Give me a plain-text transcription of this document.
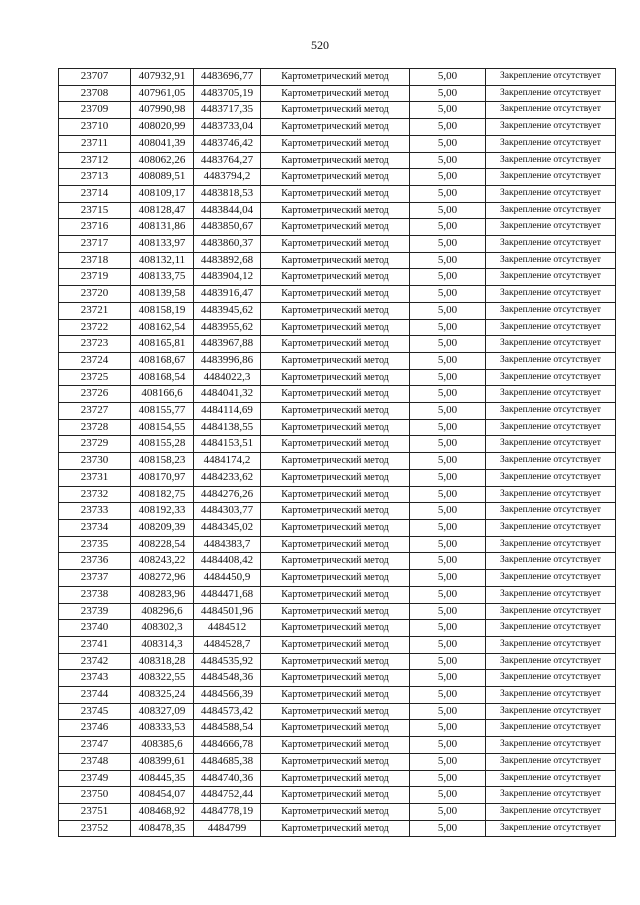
520
23707	407932,91	4483696,77	Картометрический метод	5,00	Закрепление отсутствует
23708	407961,05	4483705,19	Картометрический метод	5,00	Закрепление отсутствует
23709	407990,98	4483717,35	Картометрический метод	5,00	Закрепление отсутствует
23710	408020,99	4483733,04	Картометрический метод	5,00	Закрепление отсутствует
23711	408041,39	4483746,42	Картометрический метод	5,00	Закрепление отсутствует
23712	408062,26	4483764,27	Картометрический метод	5,00	Закрепление отсутствует
23713	408089,51	4483794,2	Картометрический метод	5,00	Закрепление отсутствует
23714	408109,17	4483818,53	Картометрический метод	5,00	Закрепление отсутствует
23715	408128,47	4483844,04	Картометрический метод	5,00	Закрепление отсутствует
23716	408131,86	4483850,67	Картометрический метод	5,00	Закрепление отсутствует
23717	408133,97	4483860,37	Картометрический метод	5,00	Закрепление отсутствует
23718	408132,11	4483892,68	Картометрический метод	5,00	Закрепление отсутствует
23719	408133,75	4483904,12	Картометрический метод	5,00	Закрепление отсутствует
23720	408139,58	4483916,47	Картометрический метод	5,00	Закрепление отсутствует
23721	408158,19	4483945,62	Картометрический метод	5,00	Закрепление отсутствует
23722	408162,54	4483955,62	Картометрический метод	5,00	Закрепление отсутствует
23723	408165,81	4483967,88	Картометрический метод	5,00	Закрепление отсутствует
23724	408168,67	4483996,86	Картометрический метод	5,00	Закрепление отсутствует
23725	408168,54	4484022,3	Картометрический метод	5,00	Закрепление отсутствует
23726	408166,6	4484041,32	Картометрический метод	5,00	Закрепление отсутствует
23727	408155,77	4484114,69	Картометрический метод	5,00	Закрепление отсутствует
23728	408154,55	4484138,55	Картометрический метод	5,00	Закрепление отсутствует
23729	408155,28	4484153,51	Картометрический метод	5,00	Закрепление отсутствует
23730	408158,23	4484174,2	Картометрический метод	5,00	Закрепление отсутствует
23731	408170,97	4484233,62	Картометрический метод	5,00	Закрепление отсутствует
23732	408182,75	4484276,26	Картометрический метод	5,00	Закрепление отсутствует
23733	408192,33	4484303,77	Картометрический метод	5,00	Закрепление отсутствует
23734	408209,39	4484345,02	Картометрический метод	5,00	Закрепление отсутствует
23735	408228,54	4484383,7	Картометрический метод	5,00	Закрепление отсутствует
23736	408243,22	4484408,42	Картометрический метод	5,00	Закрепление отсутствует
23737	408272,96	4484450,9	Картометрический метод	5,00	Закрепление отсутствует
23738	408283,96	4484471,68	Картометрический метод	5,00	Закрепление отсутствует
23739	408296,6	4484501,96	Картометрический метод	5,00	Закрепление отсутствует
23740	408302,3	4484512	Картометрический метод	5,00	Закрепление отсутствует
23741	408314,3	4484528,7	Картометрический метод	5,00	Закрепление отсутствует
23742	408318,28	4484535,92	Картометрический метод	5,00	Закрепление отсутствует
23743	408322,55	4484548,36	Картометрический метод	5,00	Закрепление отсутствует
23744	408325,24	4484566,39	Картометрический метод	5,00	Закрепление отсутствует
23745	408327,09	4484573,42	Картометрический метод	5,00	Закрепление отсутствует
23746	408333,53	4484588,54	Картометрический метод	5,00	Закрепление отсутствует
23747	408385,6	4484666,78	Картометрический метод	5,00	Закрепление отсутствует
23748	408399,61	4484685,38	Картометрический метод	5,00	Закрепление отсутствует
23749	408445,35	4484740,36	Картометрический метод	5,00	Закрепление отсутствует
23750	408454,07	4484752,44	Картометрический метод	5,00	Закрепление отсутствует
23751	408468,92	4484778,19	Картометрический метод	5,00	Закрепление отсутствует
23752	408478,35	4484799	Картометрический метод	5,00	Закрепление отсутствует
